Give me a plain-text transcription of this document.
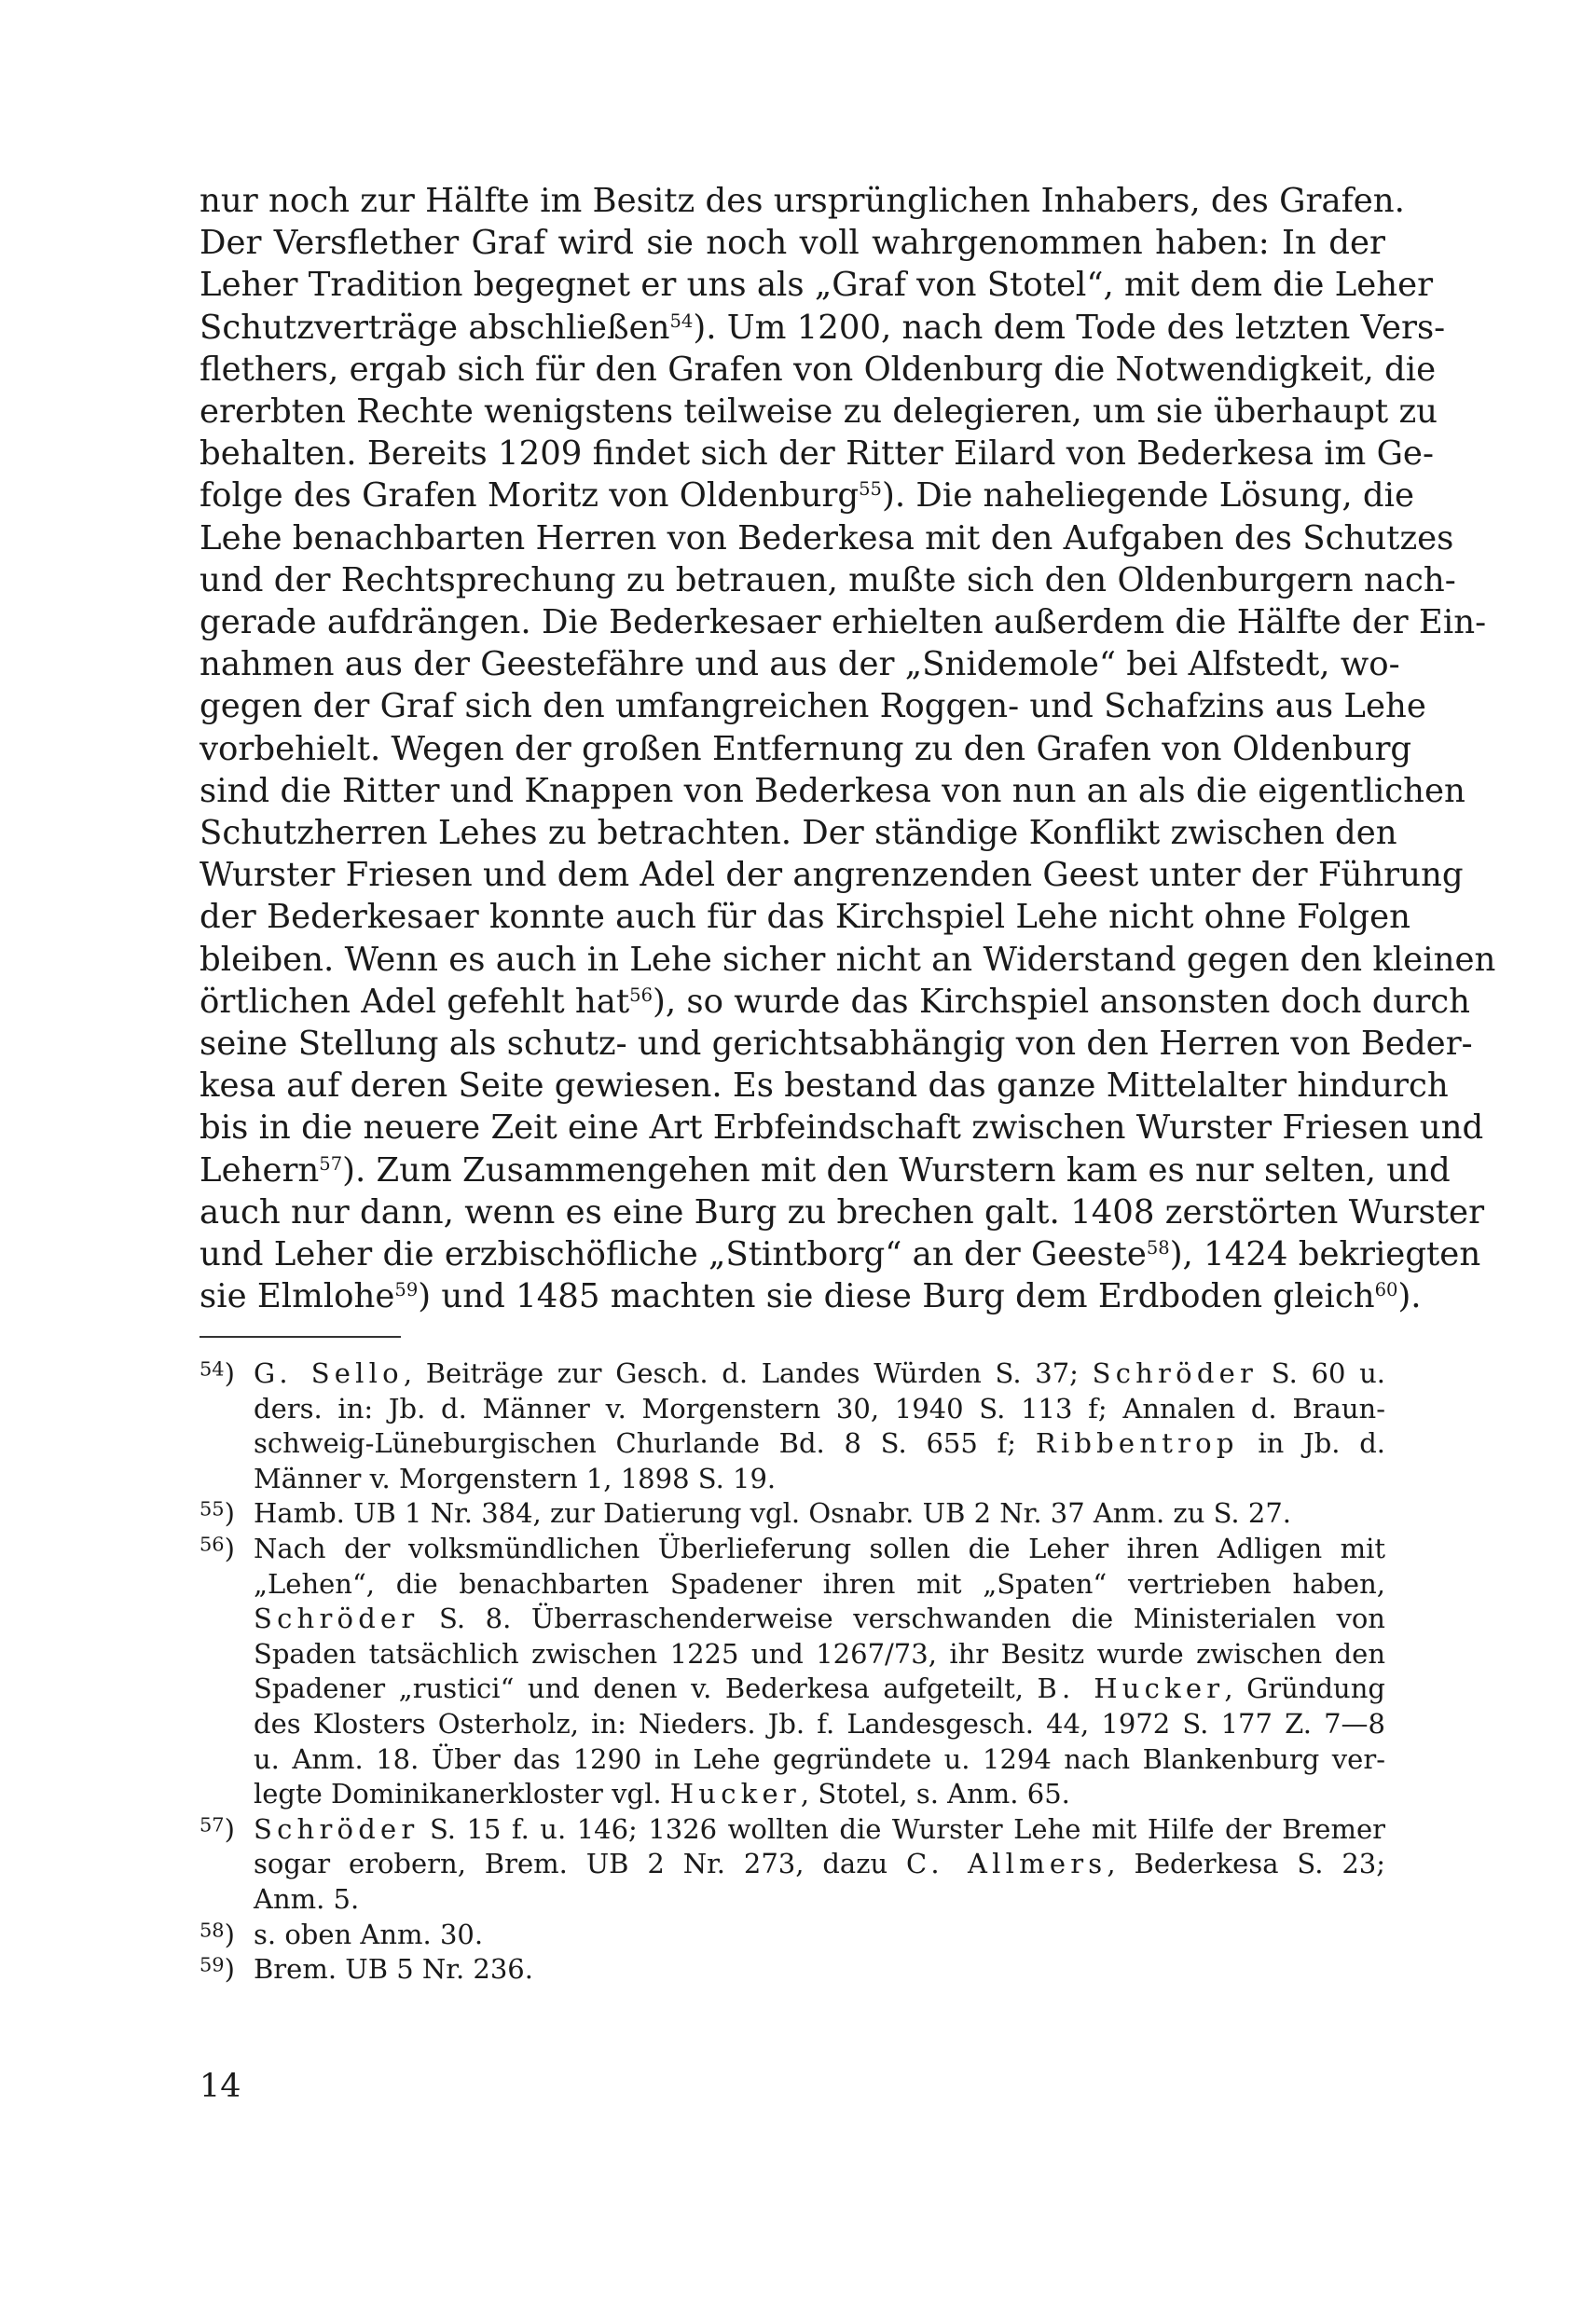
nur noch zur Hälfte im Besitz des ursprünglichen Inhabers, des Grafen.
Der Versflether Graf wird sie noch voll wahrgenommen haben: In der
Leher Tradition begegnet er uns als „Graf von Stotel“, mit dem die Leher
Schutzverträge abschließen$^{54}$). Um 1200, nach dem Tode des letzten Vers-
flethers, ergab sich für den Grafen von Oldenburg die Notwendigkeit, die
ererbten Rechte wenigstens teilweise zu delegieren, um sie überhaupt zu
behalten. Bereits 1209 findet sich der Ritter Eilard von Bederkesa im Ge-
folge des Grafen Moritz von Oldenburg$^{55}$). Die naheliegende Lösung, die
Lehe benachbarten Herren von Bederkesa mit den Aufgaben des Schutzes
und der Rechtsprechung zu betrauen, mußte sich den Oldenburgern nach-
gerade aufdrängen. Die Bederkesaer erhielten außerdem die Hälfte der Ein-
nahmen aus der Geestefähre und aus der „Snidemole“ bei Alfstedt, wo-
gegen der Graf sich den umfangreichen Roggen- und Schafzins aus Lehe
vorbehielt. Wegen der großen Entfernung zu den Grafen von Oldenburg
sind die Ritter und Knappen von Bederkesa von nun an als die eigentlichen
Schutzherren Lehes zu betrachten. Der ständige Konflikt zwischen den
Wurster Friesen und dem Adel der angrenzenden Geest unter der Führung
der Bederkesaer konnte auch für das Kirchspiel Lehe nicht ohne Folgen
bleiben. Wenn es auch in Lehe sicher nicht an Widerstand gegen den kleinen
örtlichen Adel gefehlt hat$^{56}$), so wurde das Kirchspiel ansonsten doch durch
seine Stellung als schutz- und gerichtsabhängig von den Herren von Beder-
kesa auf deren Seite gewiesen. Es bestand das ganze Mittelalter hindurch
bis in die neuere Zeit eine Art Erbfeindschaft zwischen Wurster Friesen und
Lehern$^{57}$). Zum Zusammengehen mit den Wurstern kam es nur selten, und
auch nur dann, wenn es eine Burg zu brechen galt. 1408 zerstörten Wurster
und Leher die erzbischöfliche „Stintborg“ an der Geeste$^{58}$), 1424 bekriegten
sie Elmlohe$^{59}$) und 1485 machten sie diese Burg dem Erdboden gleich$^{60}$).
$^{54}$) G. Sello, Beiträge zur Gesch. d. Landes Würden S. 37; Schröder S. 60 u.
ders. in: Jb. d. Männer v. Morgenstern 30, 1940 S. 113 f; Annalen d. Braun-
schweig-Lüneburgischen Churlande Bd. 8 S. 655 f; Ribbentrop in Jb. d.
Männer v. Morgenstern 1, 1898 S. 19.
$^{55}$) Hamb. UB 1 Nr. 384, zur Datierung vgl. Osnabr. UB 2 Nr. 37 Anm. zu S. 27.
$^{56}$) Nach der volksmündlichen Überlieferung sollen die Leher ihren Adligen mit
„Lehen“, die benachbarten Spadener ihren mit „Spaten“ vertrieben haben,
Schröder S. 8. Überraschenderweise verschwanden die Ministerialen von
Spaden tatsächlich zwischen 1225 und 1267/73, ihr Besitz wurde zwischen den
Spadener „rustici“ und denen v. Bederkesa aufgeteilt, B. Hucker, Gründung
des Klosters Osterholz, in: Nieders. Jb. f. Landesgesch. 44, 1972 S. 177 Z. 7—8
u. Anm. 18. Über das 1290 in Lehe gegründete u. 1294 nach Blankenburg ver-
legte Dominikanerkloster vgl. Hucker, Stotel, s. Anm. 65.
$^{57}$) Schröder S. 15 f. u. 146; 1326 wollten die Wurster Lehe mit Hilfe der Bremer
sogar erobern, Brem. UB 2 Nr. 273, dazu C. Allmers, Bederkesa S. 23;
Anm. 5.
$^{58}$) s. oben Anm. 30.
$^{59}$) Brem. UB 5 Nr. 236.
14
